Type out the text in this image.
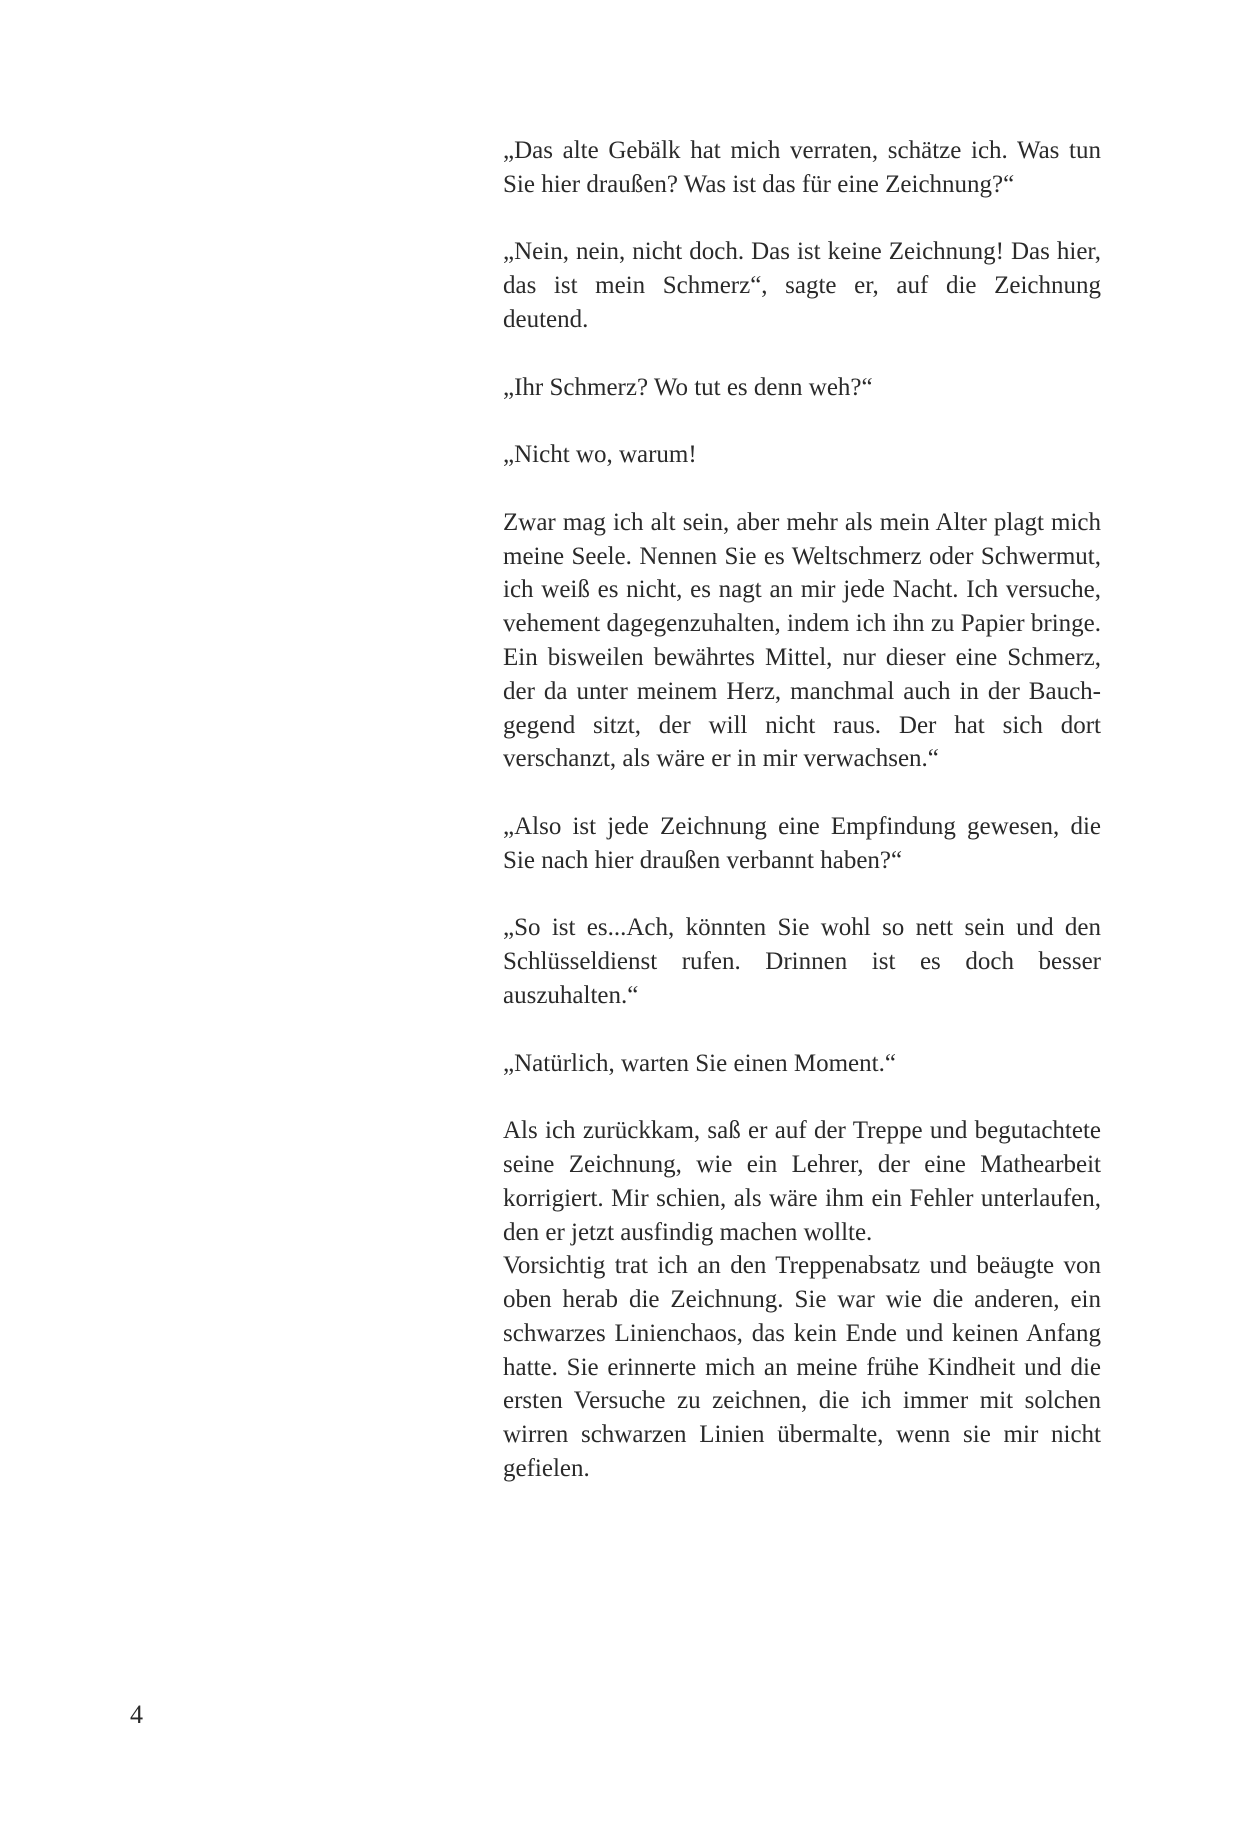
„Das alte Gebälk hat mich verraten, schätze ich. Was tun Sie hier draußen? Was ist das für eine Zeichnung?“

„Nein, nein, nicht doch. Das ist keine Zeichnung! Das hier, das ist mein Schmerz“, sagte er, auf die Zeichnung deutend.

„Ihr Schmerz? Wo tut es denn weh?“

„Nicht wo, warum!

Zwar mag ich alt sein, aber mehr als mein Alter plagt mich meine Seele. Nennen Sie es Weltschmerz oder Schwermut, ich weiß es nicht, es nagt an mir jede Nacht. Ich versuche, vehement dagegenzuhalten, indem ich ihn zu Papier bringe. Ein bisweilen bewährtes Mittel, nur dieser eine Schmerz, der da unter meinem Herz, manchmal auch in der Bauchgegend sitzt, der will nicht raus. Der hat sich dort verschanzt, als wäre er in mir verwachsen.“

„Also ist jede Zeichnung eine Empfindung gewesen, die Sie nach hier draußen verbannt haben?“

„So ist es...Ach, könnten Sie wohl so nett sein und den Schlüsseldienst rufen. Drinnen ist es doch besser auszuhalten.“

„Natürlich, warten Sie einen Moment.“

Als ich zurückkam, saß er auf der Treppe und begutachtete seine Zeichnung, wie ein Lehrer, der eine Mathearbeit korrigiert. Mir schien, als wäre ihm ein Fehler unterlaufen, den er jetzt ausfindig machen wollte.

Vorsichtig trat ich an den Treppenabsatz und beäugte von oben herab die Zeichnung. Sie war wie die anderen, ein schwarzes Linienchaos, das kein Ende und keinen Anfang hatte. Sie erinnerte mich an meine frühe Kindheit und die ersten Versuche zu zeichnen, die ich immer mit solchen wirren schwarzen Linien übermalte, wenn sie mir nicht gefielen.

4
